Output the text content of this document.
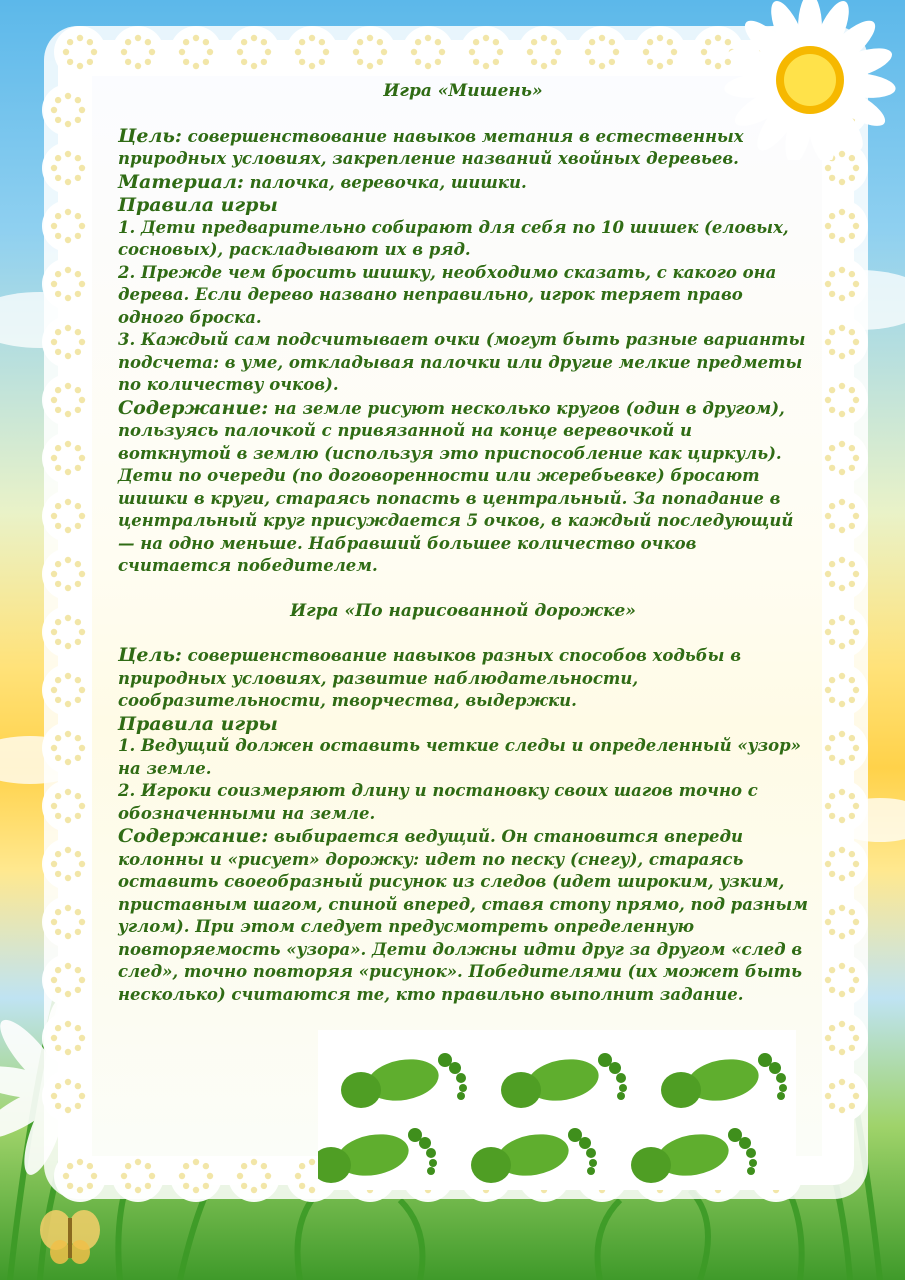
Игра «Мишень»

Цель: совершенствование навыков метания в естественных природных условиях, закрепление названий хвойных деревьев.

Материал: палочка, веревочка, шишки.

Правила игры

1. Дети предварительно собирают для себя по 10 шишек (еловых, сосновых), раскладывают их в ряд.

2. Прежде чем бросить шишку, необходимо сказать, с какого она дерева. Если дерево названо неправильно, игрок теряет право одного броска.

3. Каждый сам подсчитывает очки (могут быть разные варианты подсчета: в уме, откладывая палочки или другие мелкие предметы по количеству очков).

Содержание: на земле рисуют несколько кругов (один в другом), пользуясь палочкой с привязанной на конце веревочкой и воткнутой в землю (используя это приспособление как циркуль). Дети по очереди (по договоренности или жеребьевке) бросают шишки в круги, стараясь попасть в центральный. За попадание в центральный круг присуждается 5 очков, в каждый последующий — на одно меньше. Набравший большее количество очков считается победителем.

Игра «По нарисованной дорожке»

Цель: совершенствование навыков разных способов ходьбы в природных условиях, развитие наблюдательности, сообразительности, творчества, выдержки.

Правила игры

1. Ведущий должен оставить четкие следы и определенный «узор» на земле.

2. Игроки соизмеряют длину и постановку своих шагов точно с обозначенными на земле.

Содержание: выбирается ведущий. Он становится впереди колонны и «рисует» дорожку: идет по песку (снегу), стараясь оставить своеобразный рисунок из следов (идет широким, узким, приставным шагом, спиной вперед, ставя стопу прямо, под разным углом). При этом следует предусмотреть определенную повторяемость «узора». Дети должны идти друг за другом «след в след», точно повторяя «рисунок». Победителями (их может быть несколько) считаются те, кто правильно выполнит задание.
